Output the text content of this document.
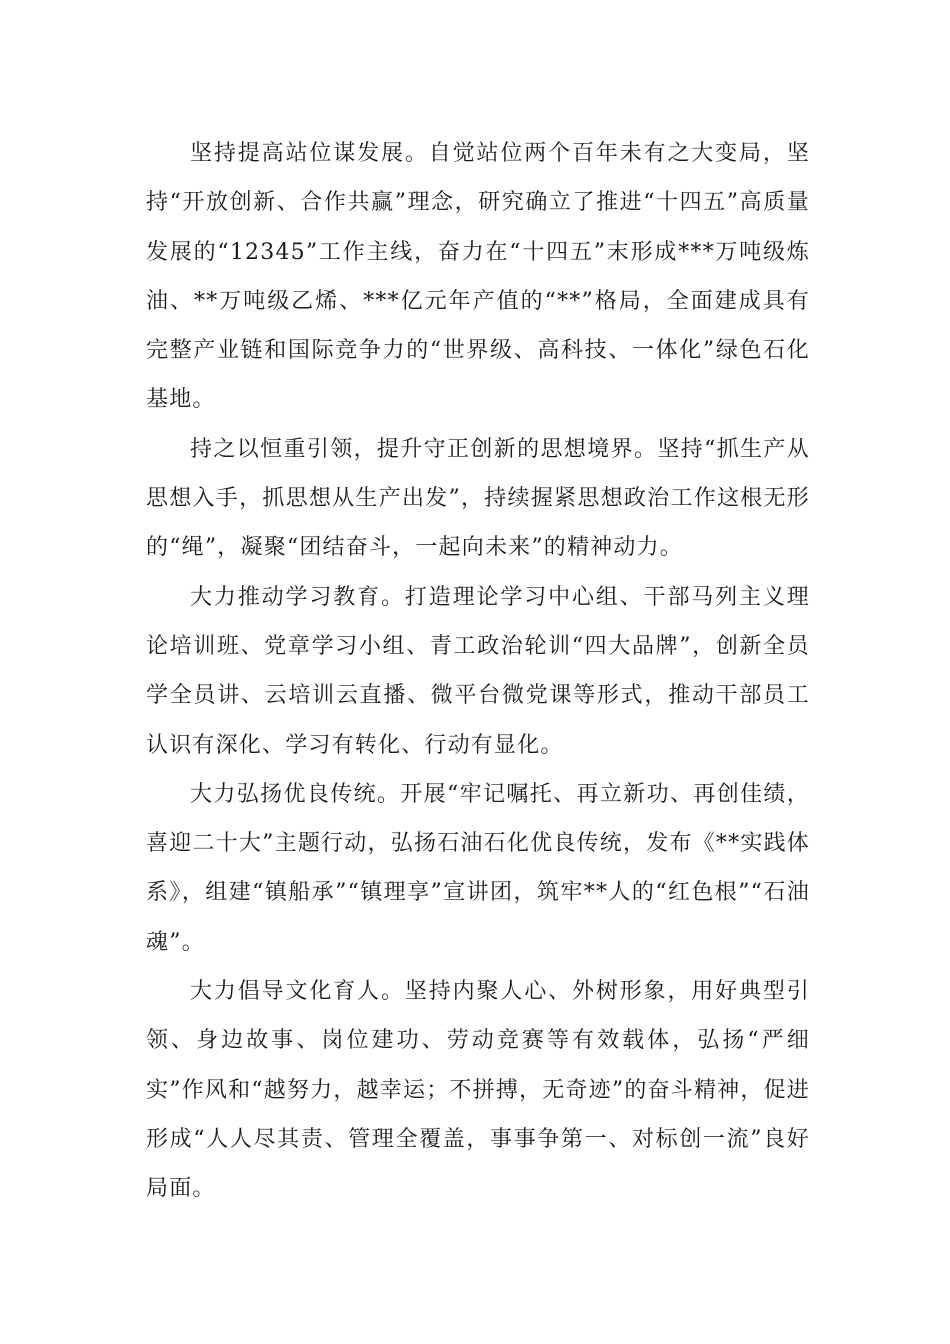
坚持提高站位谋发展。自觉站位两个百年未有之大变局，坚持“开放创新、合作共赢”理念，研究确立了推进“十四五”高质量发展的“12345”工作主线，奋力在“十四五”末形成***万吨级炼油、**万吨级乙烯、***亿元年产值的“**”格局，全面建成具有完整产业链和国际竞争力的“世界级、高科技、一体化”绿色石化基地。

持之以恒重引领，提升守正创新的思想境界。坚持“抓生产从思想入手，抓思想从生产出发”，持续握紧思想政治工作这根无形的“绳”，凝聚“团结奋斗，一起向未来”的精神动力。

大力推动学习教育。打造理论学习中心组、干部马列主义理论培训班、党章学习小组、青工政治轮训“四大品牌”，创新全员学全员讲、云培训云直播、微平台微党课等形式，推动干部员工认识有深化、学习有转化、行动有显化。

大力弘扬优良传统。开展“牢记嘱托、再立新功、再创佳绩，喜迎二十大”主题行动，弘扬石油石化优良传统，发布《**实践体系》，组建“镇船承”“镇理享”宣讲团，筑牢**人的“红色根”“石油魂”。

大力倡导文化育人。坚持内聚人心、外树形象，用好典型引领、身边故事、岗位建功、劳动竞赛等有效载体，弘扬“严细实”作风和“越努力，越幸运；不拼搏，无奇迹”的奋斗精神，促进形成“人人尽其责、管理全覆盖，事事争第一、对标创一流”良好局面。
